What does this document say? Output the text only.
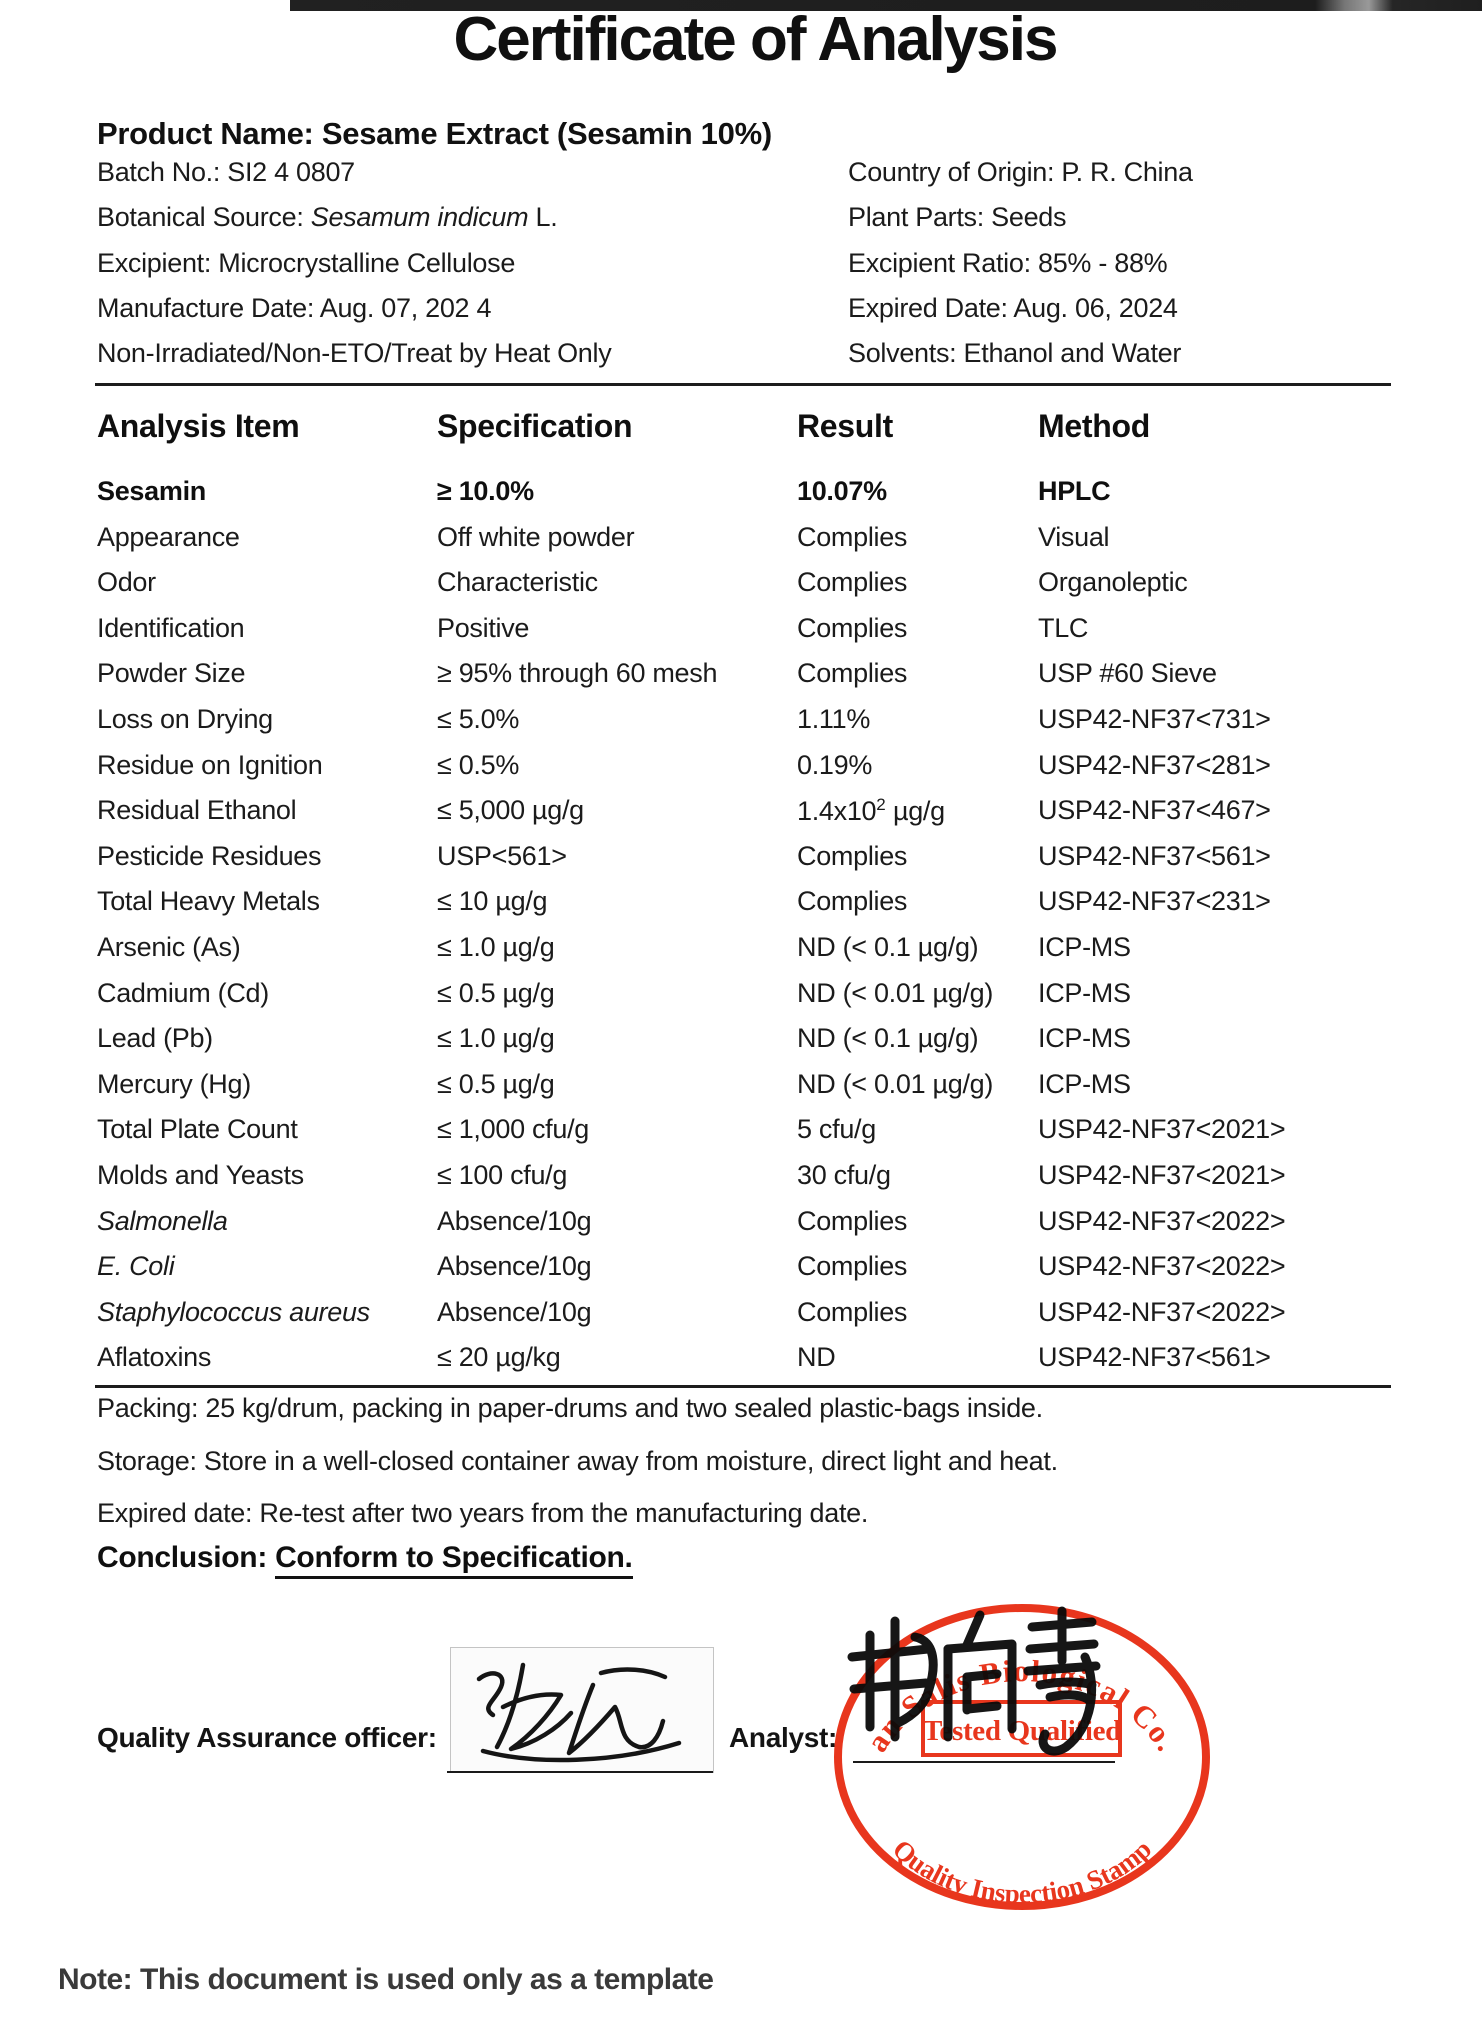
Certificate of Analysis
Product Name: Sesame Extract (Sesamin 10%)
Batch No.: SI2 4 0807	Country of Origin: P. R. China
Botanical Source: Sesamum indicum L.	Plant Parts: Seeds
Excipient: Microcrystalline Cellulose	Excipient Ratio: 85% - 88%
Manufacture Date: Aug. 07, 202 4	Expired Date: Aug. 06, 2024
Non-Irradiated/Non-ETO/Treat by Heat Only	Solvents: Ethanol and Water
Analysis Item	Specification	Result	Method
Sesamin	≥ 10.0%	10.07%	HPLC
Appearance	Off white powder	Complies	Visual
Odor	Characteristic	Complies	Organoleptic
Identification	Positive	Complies	TLC
Powder Size	≥ 95% through 60 mesh	Complies	USP #60 Sieve
Loss on Drying	≤ 5.0%	1.11%	USP42-NF37<731>
Residue on Ignition	≤ 0.5%	0.19%	USP42-NF37<281>
Residual Ethanol	≤ 5,000 µg/g	$1.4x10^2$ µg/g	USP42-NF37<467>
Pesticide Residues	USP<561>	Complies	USP42-NF37<561>
Total Heavy Metals	≤ 10 µg/g	Complies	USP42-NF37<231>
Arsenic (As)	≤ 1.0 µg/g	ND (< 0.1 µg/g) ICP-MS
Cadmium (Cd)	≤ 0.5 µg/g	ND (< 0.01 µg/g) ICP-MS
Lead (Pb)	≤ 1.0 µg/g	ND (< 0.1 µg/g) ICP-MS
Mercury (Hg)	≤ 0.5 µg/g	ND (< 0.01 µg/g) ICP-MS
Total Plate Count	≤ 1,000 cfu/g	5 cfu/g	USP42-NF37<2021>
Molds and Yeasts	≤ 100 cfu/g	30 cfu/g	USP42-NF37<2021>
Salmonella	Absence/10g	Complies	USP42-NF37<2022>
E. Coli	Absence/10g	Complies	USP42-NF37<2022>
Staphylococcus aureus Absence/10g	Complies	USP42-NF37<2022>
Aflatoxins	≤ 20 µg/kg	ND	USP42-NF37<561>
Packing: 25 kg/drum, packing in paper-drums and two sealed plastic-bags inside.
Storage: Store in a well-closed container away from moisture, direct light and heat.
Expired date: Re-test after two years from the manufacturing date.
Conclusion: Conform to Specification.
Quality Assurance officer:	Analyst: an Salis Biological Co.
Tested Qualified
Quality Inspection Stamp
Note: This document is used only as a template
